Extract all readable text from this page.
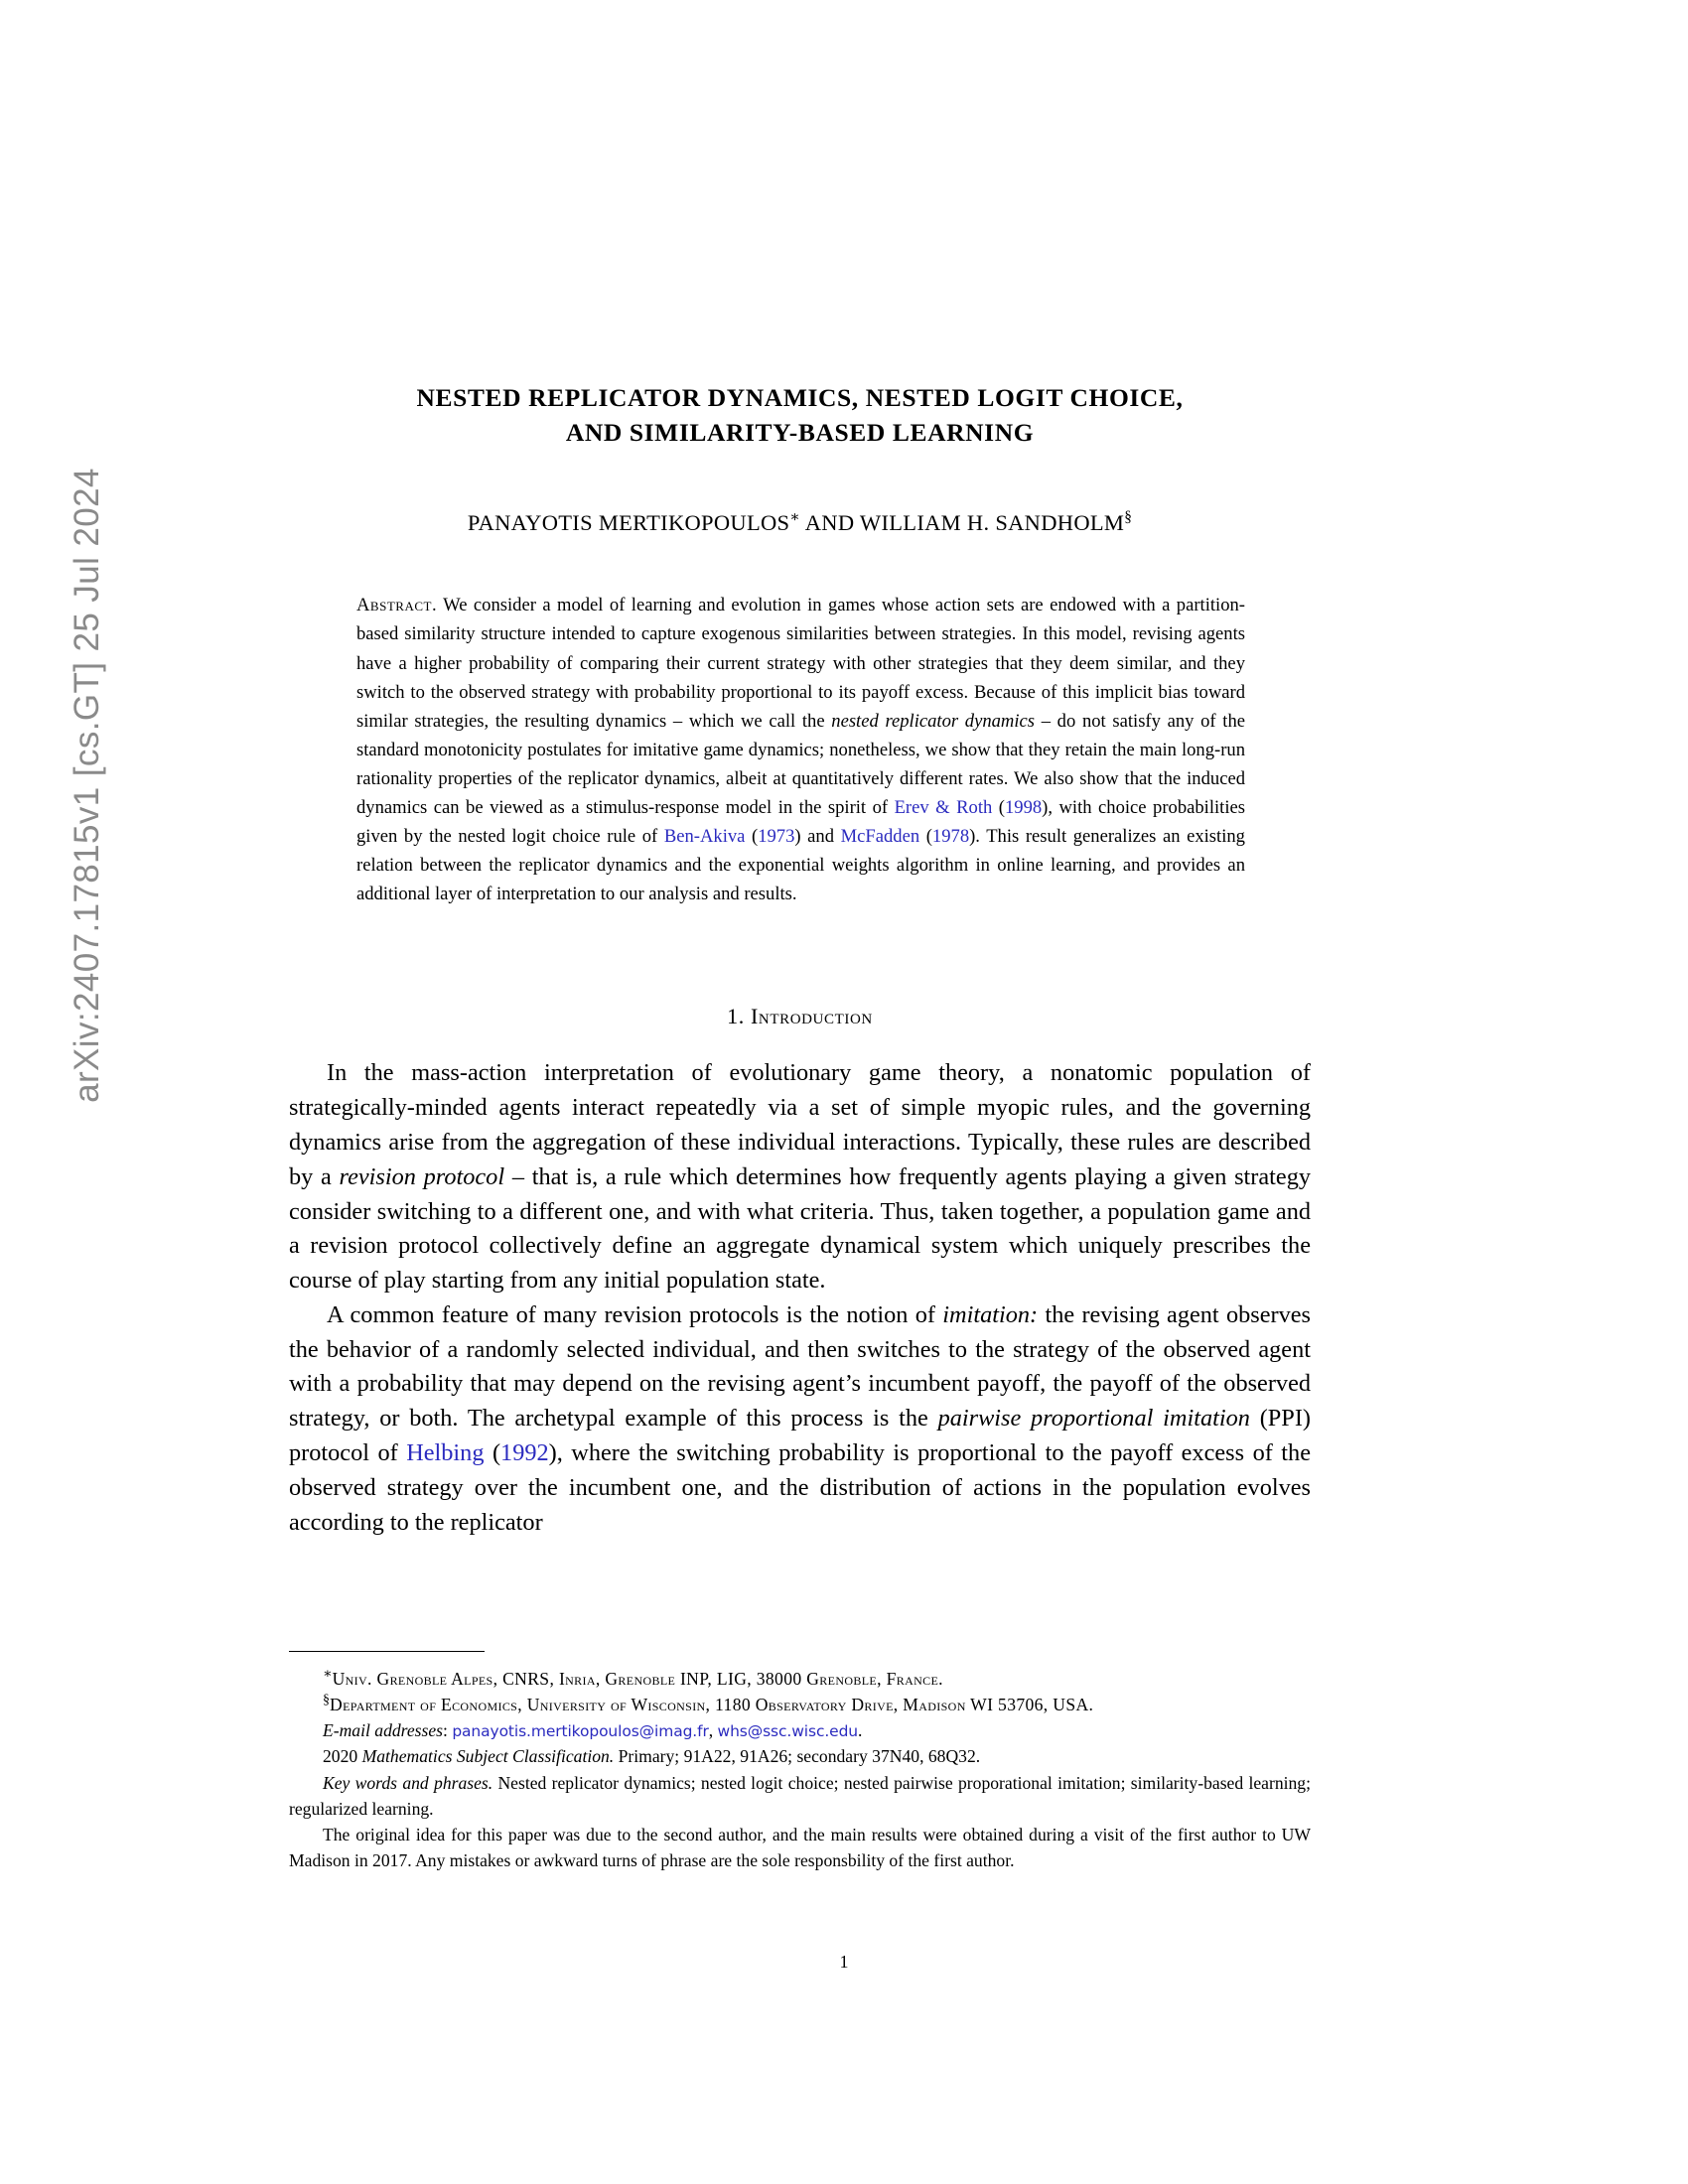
arXiv:2407.17815v1 [cs.GT] 25 Jul 2024
NESTED REPLICATOR DYNAMICS, NESTED LOGIT CHOICE,
AND SIMILARITY-BASED LEARNING
PANAYOTIS MERTIKOPOULOS∗ AND WILLIAM H. SANDHOLM§
Abstract. We consider a model of learning and evolution in games whose action sets are endowed with a partition-based similarity structure intended to capture exogenous similarities between strategies. In this model, revising agents have a higher probability of comparing their current strategy with other strategies that they deem similar, and they switch to the observed strategy with probability proportional to its payoff excess. Because of this implicit bias toward similar strategies, the resulting dynamics – which we call the nested replicator dynamics – do not satisfy any of the standard monotonicity postulates for imitative game dynamics; nonetheless, we show that they retain the main long-run rationality properties of the replicator dynamics, albeit at quantitatively different rates. We also show that the induced dynamics can be viewed as a stimulus-response model in the spirit of Erev & Roth (1998), with choice probabilities given by the nested logit choice rule of Ben-Akiva (1973) and McFadden (1978). This result generalizes an existing relation between the replicator dynamics and the exponential weights algorithm in online learning, and provides an additional layer of interpretation to our analysis and results.
1. Introduction

In the mass-action interpretation of evolutionary game theory, a nonatomic population of strategically-minded agents interact repeatedly via a set of simple myopic rules, and the governing dynamics arise from the aggregation of these individual interactions. Typically, these rules are described by a revision protocol – that is, a rule which determines how frequently agents playing a given strategy consider switching to a different one, and with what criteria. Thus, taken together, a population game and a revision protocol collectively define an aggregate dynamical system which uniquely prescribes the course of play starting from any initial population state.

A common feature of many revision protocols is the notion of imitation: the revising agent observes the behavior of a randomly selected individual, and then switches to the strategy of the observed agent with a probability that may depend on the revising agent’s incumbent payoff, the payoff of the observed strategy, or both. The archetypal example of this process is the pairwise proportional imitation (PPI) protocol of Helbing (1992), where the switching probability is proportional to the payoff excess of the observed strategy over the incumbent one, and the distribution of actions in the population evolves according to the replicator

∗Univ. Grenoble Alpes, CNRS, Inria, Grenoble INP, LIG, 38000 Grenoble, France.

§Department of Economics, University of Wisconsin, 1180 Observatory Drive, Madison WI 53706, USA.

E-mail addresses: panayotis.mertikopoulos@imag.fr, whs@ssc.wisc.edu.

2020 Mathematics Subject Classification. Primary; 91A22, 91A26; secondary 37N40, 68Q32.

Key words and phrases. Nested replicator dynamics; nested logit choice; nested pairwise proporational imitation; similarity-based learning; regularized learning.

The original idea for this paper was due to the second author, and the main results were obtained during a visit of the first author to UW Madison in 2017. Any mistakes or awkward turns of phrase are the sole responsbility of the first author.

1
